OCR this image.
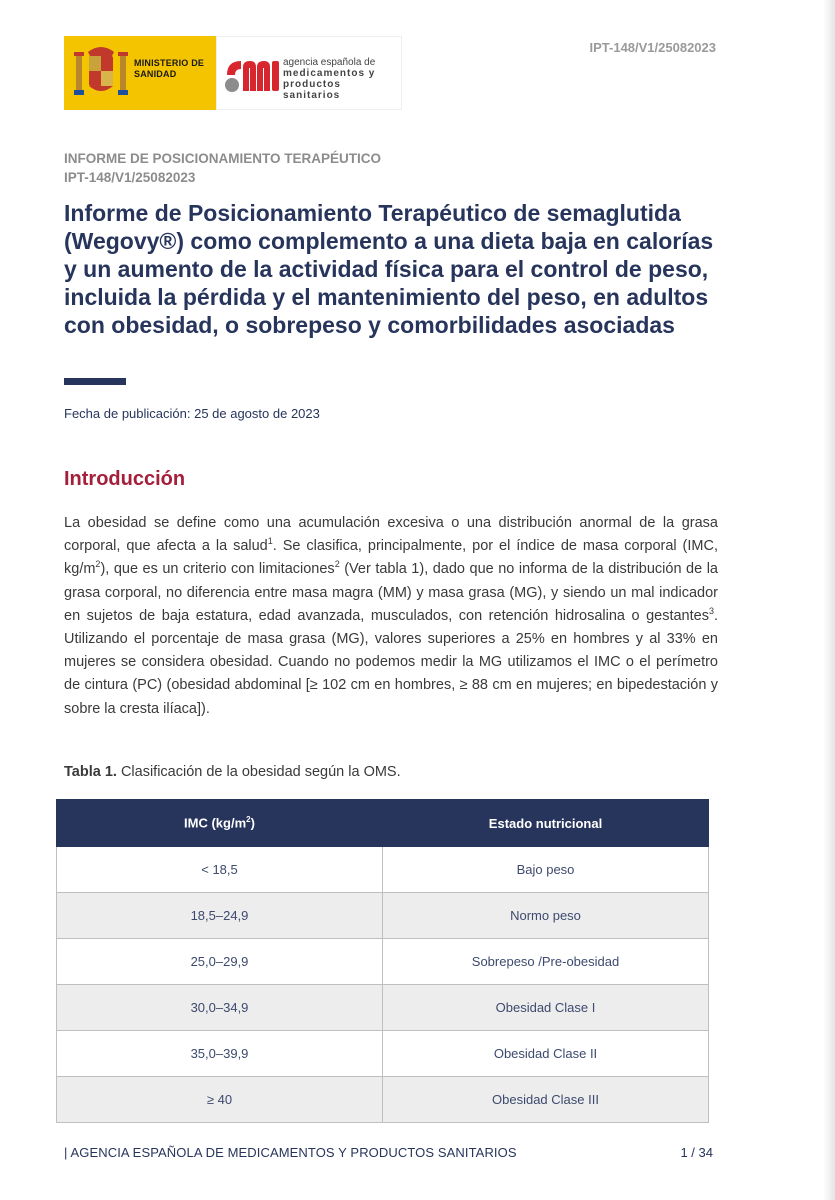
MINISTERIO DE SANIDAD
agencia española de
medicamentos y
productos sanitarios
IPT-148/V1/25082023
INFORME DE POSICIONAMIENTO TERAPÉUTICO
IPT-148/V1/25082023
Informe de Posicionamiento Terapéutico de semaglutida (Wegovy®) como complemento a una dieta baja en calorías y un aumento de la actividad física para el control de peso, incluida la pérdida y el mantenimiento del peso, en adultos con obesidad, o sobrepeso y comorbilidades asociadas
Fecha de publicación: 25 de agosto de 2023
Introducción

La obesidad se define como una acumulación excesiva o una distribución anormal de la grasa corporal, que afecta a la salud$^1$. Se clasifica, principalmente, por el índice de masa corporal (IMC, $kg/m^2$), que es un criterio con limitaciones$^2$ (Ver tabla 1), dado que no informa de la distribución de la grasa corporal, no diferencia entre masa magra (MM) y masa grasa (MG), y siendo un mal indicador en sujetos de baja estatura, edad avanzada, musculados, con retención hidrosalina o gestantes$^3$. Utilizando el porcentaje de masa grasa (MG), valores superiores a 25% en hombres y al 33% en mujeres se considera obesidad. Cuando no podemos medir la MG utilizamos el IMC o el perímetro de cintura (PC) (obesidad abdominal [≥ 102 cm en hombres, ≥ 88 cm en mujeres; en bipedestación y sobre la cresta ilíaca]).

Tabla 1. Clasificación de la obesidad según la OMS.
IMC $(kg/m^2)$	Estado nutricional
< 18,5	Bajo peso
18,5–24,9	Normo peso
25,0–29,9	Sobrepeso /Pre-obesidad
30,0–34,9	Obesidad Clase I
35,0–39,9	Obesidad Clase II
≥ 40	Obesidad Clase III
| AGENCIA ESPAÑOLA DE MEDICAMENTOS Y PRODUCTOS SANITARIOS	1 / 34
